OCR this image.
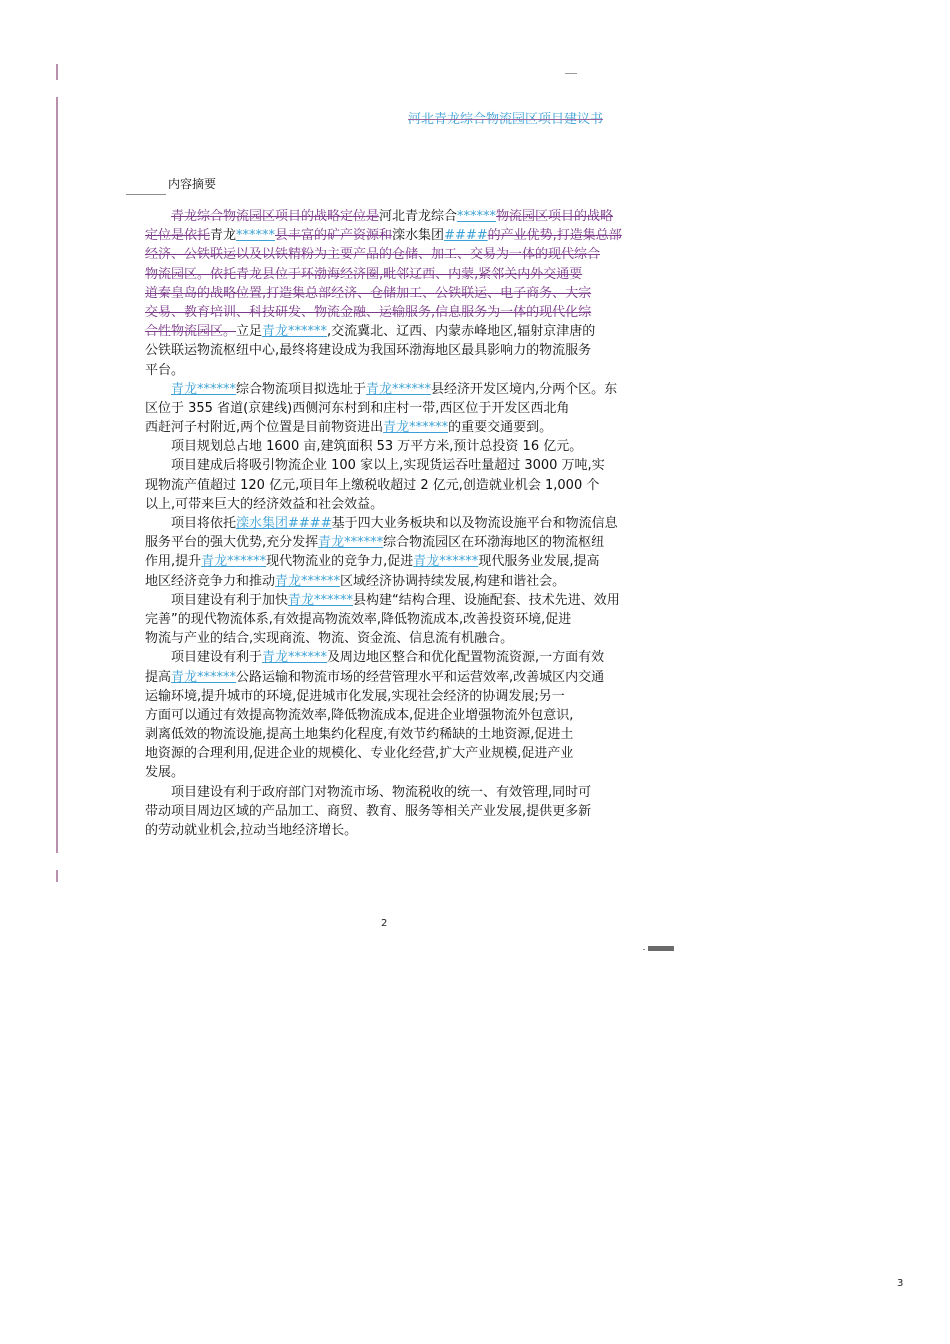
河北青龙综合物流园区项目建议书
内容摘要
青龙综合物流园区项目的战略定位是河北青龙综合******物流园区项目的战略
定位是依托青龙******县丰富的矿产资源和滦水集团####的产业优势,打造集总部
经济、公铁联运以及以铁精粉为主要产品的仓储、加工、交易为一体的现代综合
物流园区。依托青龙县位于环渤海经济圈,毗邻辽西、内蒙,紧邻关内外交通要
道秦皇岛的战略位置,打造集总部经济、仓储加工、公铁联运、电子商务、大宗
交易、教育培训、科技研发、物流金融、运输服务,信息服务为一体的现代化综
合性物流园区。立足青龙******,交流冀北、辽西、内蒙赤峰地区,辐射京津唐的
公铁联运物流枢纽中心,最终将建设成为我国环渤海地区最具影响力的物流服务
平台。
青龙******综合物流项目拟选址于青龙******县经济开发区境内,分两个区。东
区位于 355 省道(京建线)西侧河东村到和庄村一带,西区位于开发区西北角
西赶河子村附近,两个位置是目前物资进出青龙******的重要交通要到。
项目规划总占地 1600 亩,建筑面积 53 万平方米,预计总投资 16 亿元。
项目建成后将吸引物流企业 100 家以上,实现货运吞吐量超过 3000 万吨,实
现物流产值超过 120 亿元,项目年上缴税收超过 2 亿元,创造就业机会 1,000 个
以上,可带来巨大的经济效益和社会效益。
项目将依托滦水集团####基于四大业务板块和以及物流设施平台和物流信息
服务平台的强大优势,充分发挥青龙******综合物流园区在环渤海地区的物流枢纽
作用,提升青龙******现代物流业的竞争力,促进青龙******现代服务业发展,提高
地区经济竞争力和推动青龙******区域经济协调持续发展,构建和谐社会。
项目建设有利于加快青龙******县构建“结构合理、设施配套、技术先进、效用
完善”的现代物流体系,有效提高物流效率,降低物流成本,改善投资环境,促进
物流与产业的结合,实现商流、物流、资金流、信息流有机融合。
项目建设有利于青龙******及周边地区整合和优化配置物流资源,一方面有效
提高青龙******公路运输和物流市场的经营管理水平和运营效率,改善城区内交通
运输环境,提升城市的环境,促进城市化发展,实现社会经济的协调发展;另一
方面可以通过有效提高物流效率,降低物流成本,促进企业增强物流外包意识,
剥离低效的物流设施,提高土地集约化程度,有效节约稀缺的土地资源,促进土
地资源的合理利用,促进企业的规模化、专业化经营,扩大产业规模,促进产业
发展。
项目建设有利于政府部门对物流市场、物流税收的统一、有效管理,同时可
带动项目周边区域的产品加工、商贸、教育、服务等相关产业发展,提供更多新
的劳动就业机会,拉动当地经济增长。
2
3
